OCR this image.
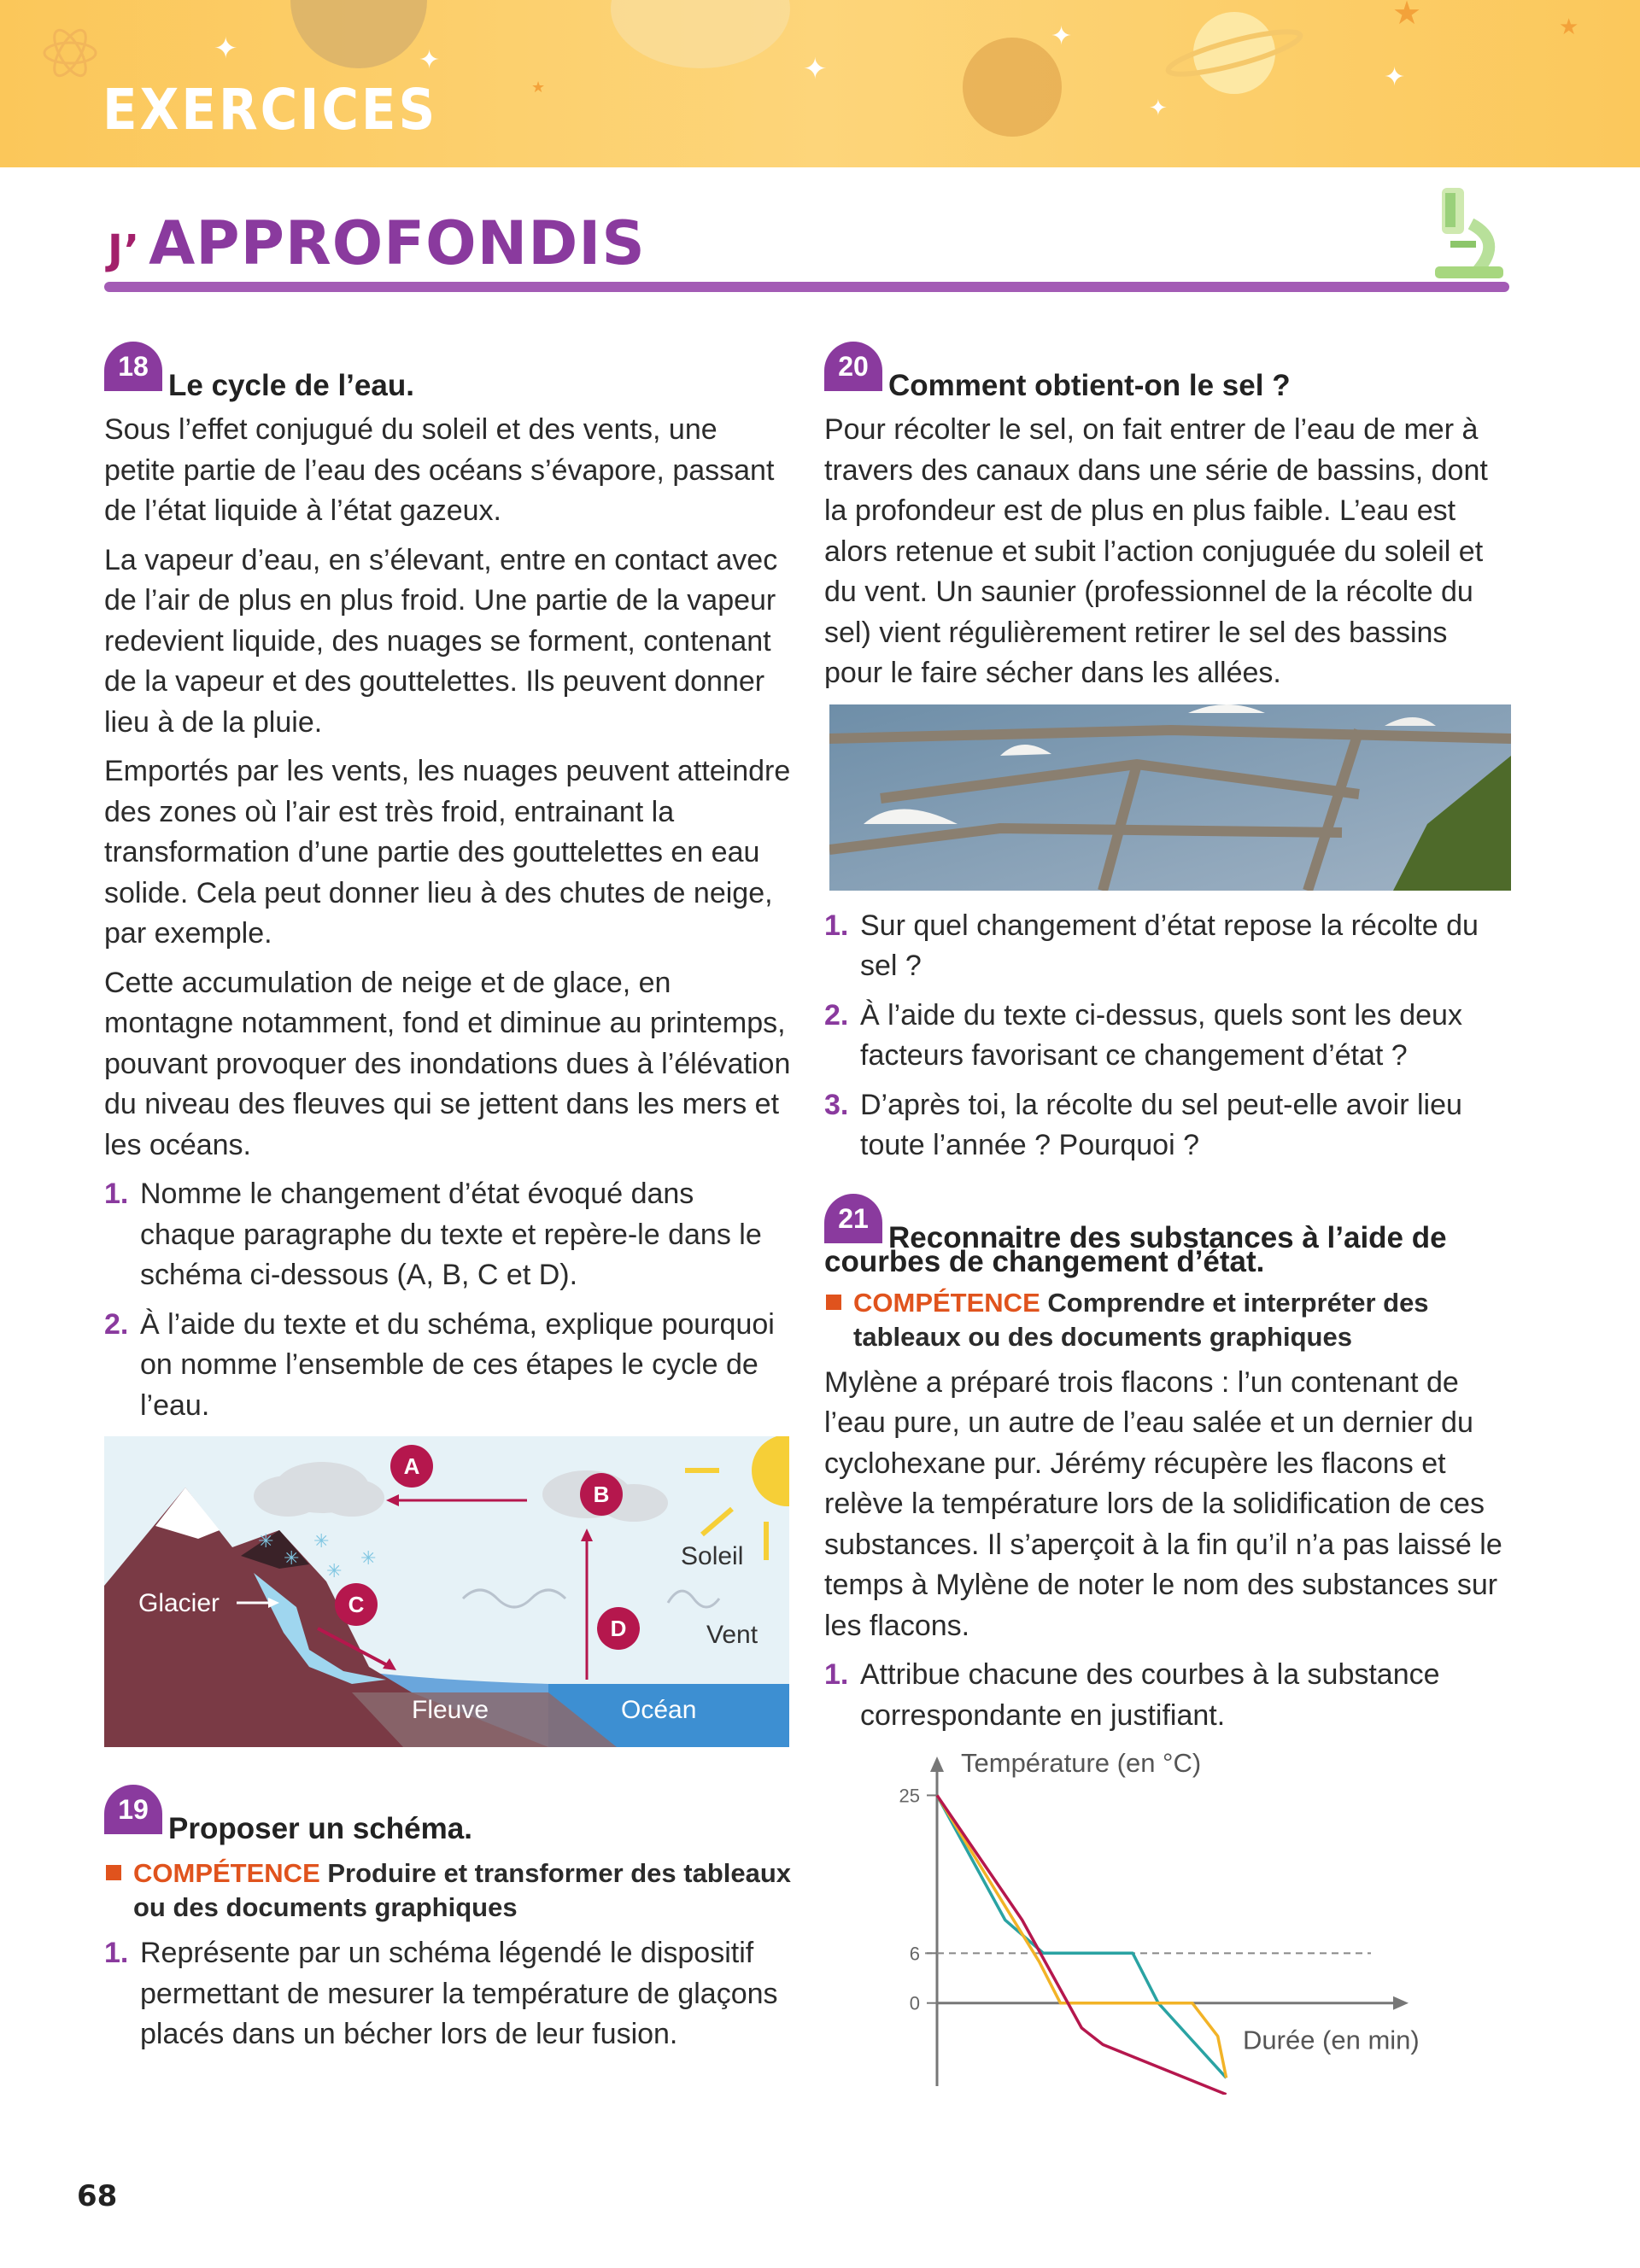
✦	✦	✦
✦
✦
✦
★	★
★
EXERCICES
J’ APPROFONDIS
18
Le cycle de l’eau.

Sous l’effet conjugué du soleil et des vents, une petite partie de l’eau des océans s’évapore, passant de l’état liquide à l’état gazeux.

La vapeur d’eau, en s’élevant, entre en contact avec de l’air de plus en plus froid. Une partie de la vapeur redevient liquide, des nuages se forment, contenant de la vapeur et des gouttelettes. Ils peuvent donner lieu à de la pluie.

Emportés par les vents, les nuages peuvent atteindre des zones où l’air est très froid, entrainant la transformation d’une partie des gouttelettes en eau solide. Cela peut donner lieu à des chutes de neige, par exemple.

Cette accumulation de neige et de glace, en montagne notamment, fond et diminue au printemps, pouvant provoquer des inondations dues à l’élévation du niveau des fleuves qui se jettent dans les mers et les océans.

1. Nomme le changement d’état évoqué dans chaque paragraphe du texte et repère-le dans le schéma ci-dessous (A, B, C et D).
2. À l’aide du texte et du schéma, explique pourquoi on nomme l’ensemble de ces étapes le cycle de l’eau.
✳
✳
✳
✳
✳
A
B
C
D
Glacier
Soleil
Vent
Fleuve	Océan
19
Proposer un schéma.
COMPÉTENCE Produire et transformer des tableaux ou des documents graphiques
1. Représente par un schéma légendé le dispositif permettant de mesurer la température de glaçons placés dans un bécher lors de leur fusion.
20
Comment obtient-on le sel ?

Pour récolter le sel, on fait entrer de l’eau de mer à travers des canaux dans une série de bassins, dont la profondeur est de plus en plus faible. L’eau est alors retenue et subit l’action conjuguée du soleil et du vent. Un saunier (professionnel de la récolte du sel) vient régulièrement retirer le sel des bassins pour le faire sécher dans les allées.

1. Sur quel changement d’état repose la récolte du sel ?
2. À l’aide du texte ci-dessus, quels sont les deux facteurs favorisant ce changement d’état ?
3. D’après toi, la récolte du sel peut-elle avoir lieu toute l’année ? Pourquoi ?
21
Reconnaitre des substances à l’aide de
courbes de changement d’état.
COMPÉTENCE Comprendre et interpréter des tableaux ou des documents graphiques

Mylène a préparé trois flacons : l’un contenant de l’eau pure, un autre de l’eau salée et un dernier du cyclohexane pur. Jérémy récupère les flacons et relève la température lors de la solidification de ces substances. Il s’aperçoit à la fin qu’il n’a pas laissé le temps à Mylène de noter le nom des substances sur les flacons.

1. Attribue chacune des courbes à la substance correspondante en justifiant.
25
6
0
Température (en °C)
Durée (en min)
68
